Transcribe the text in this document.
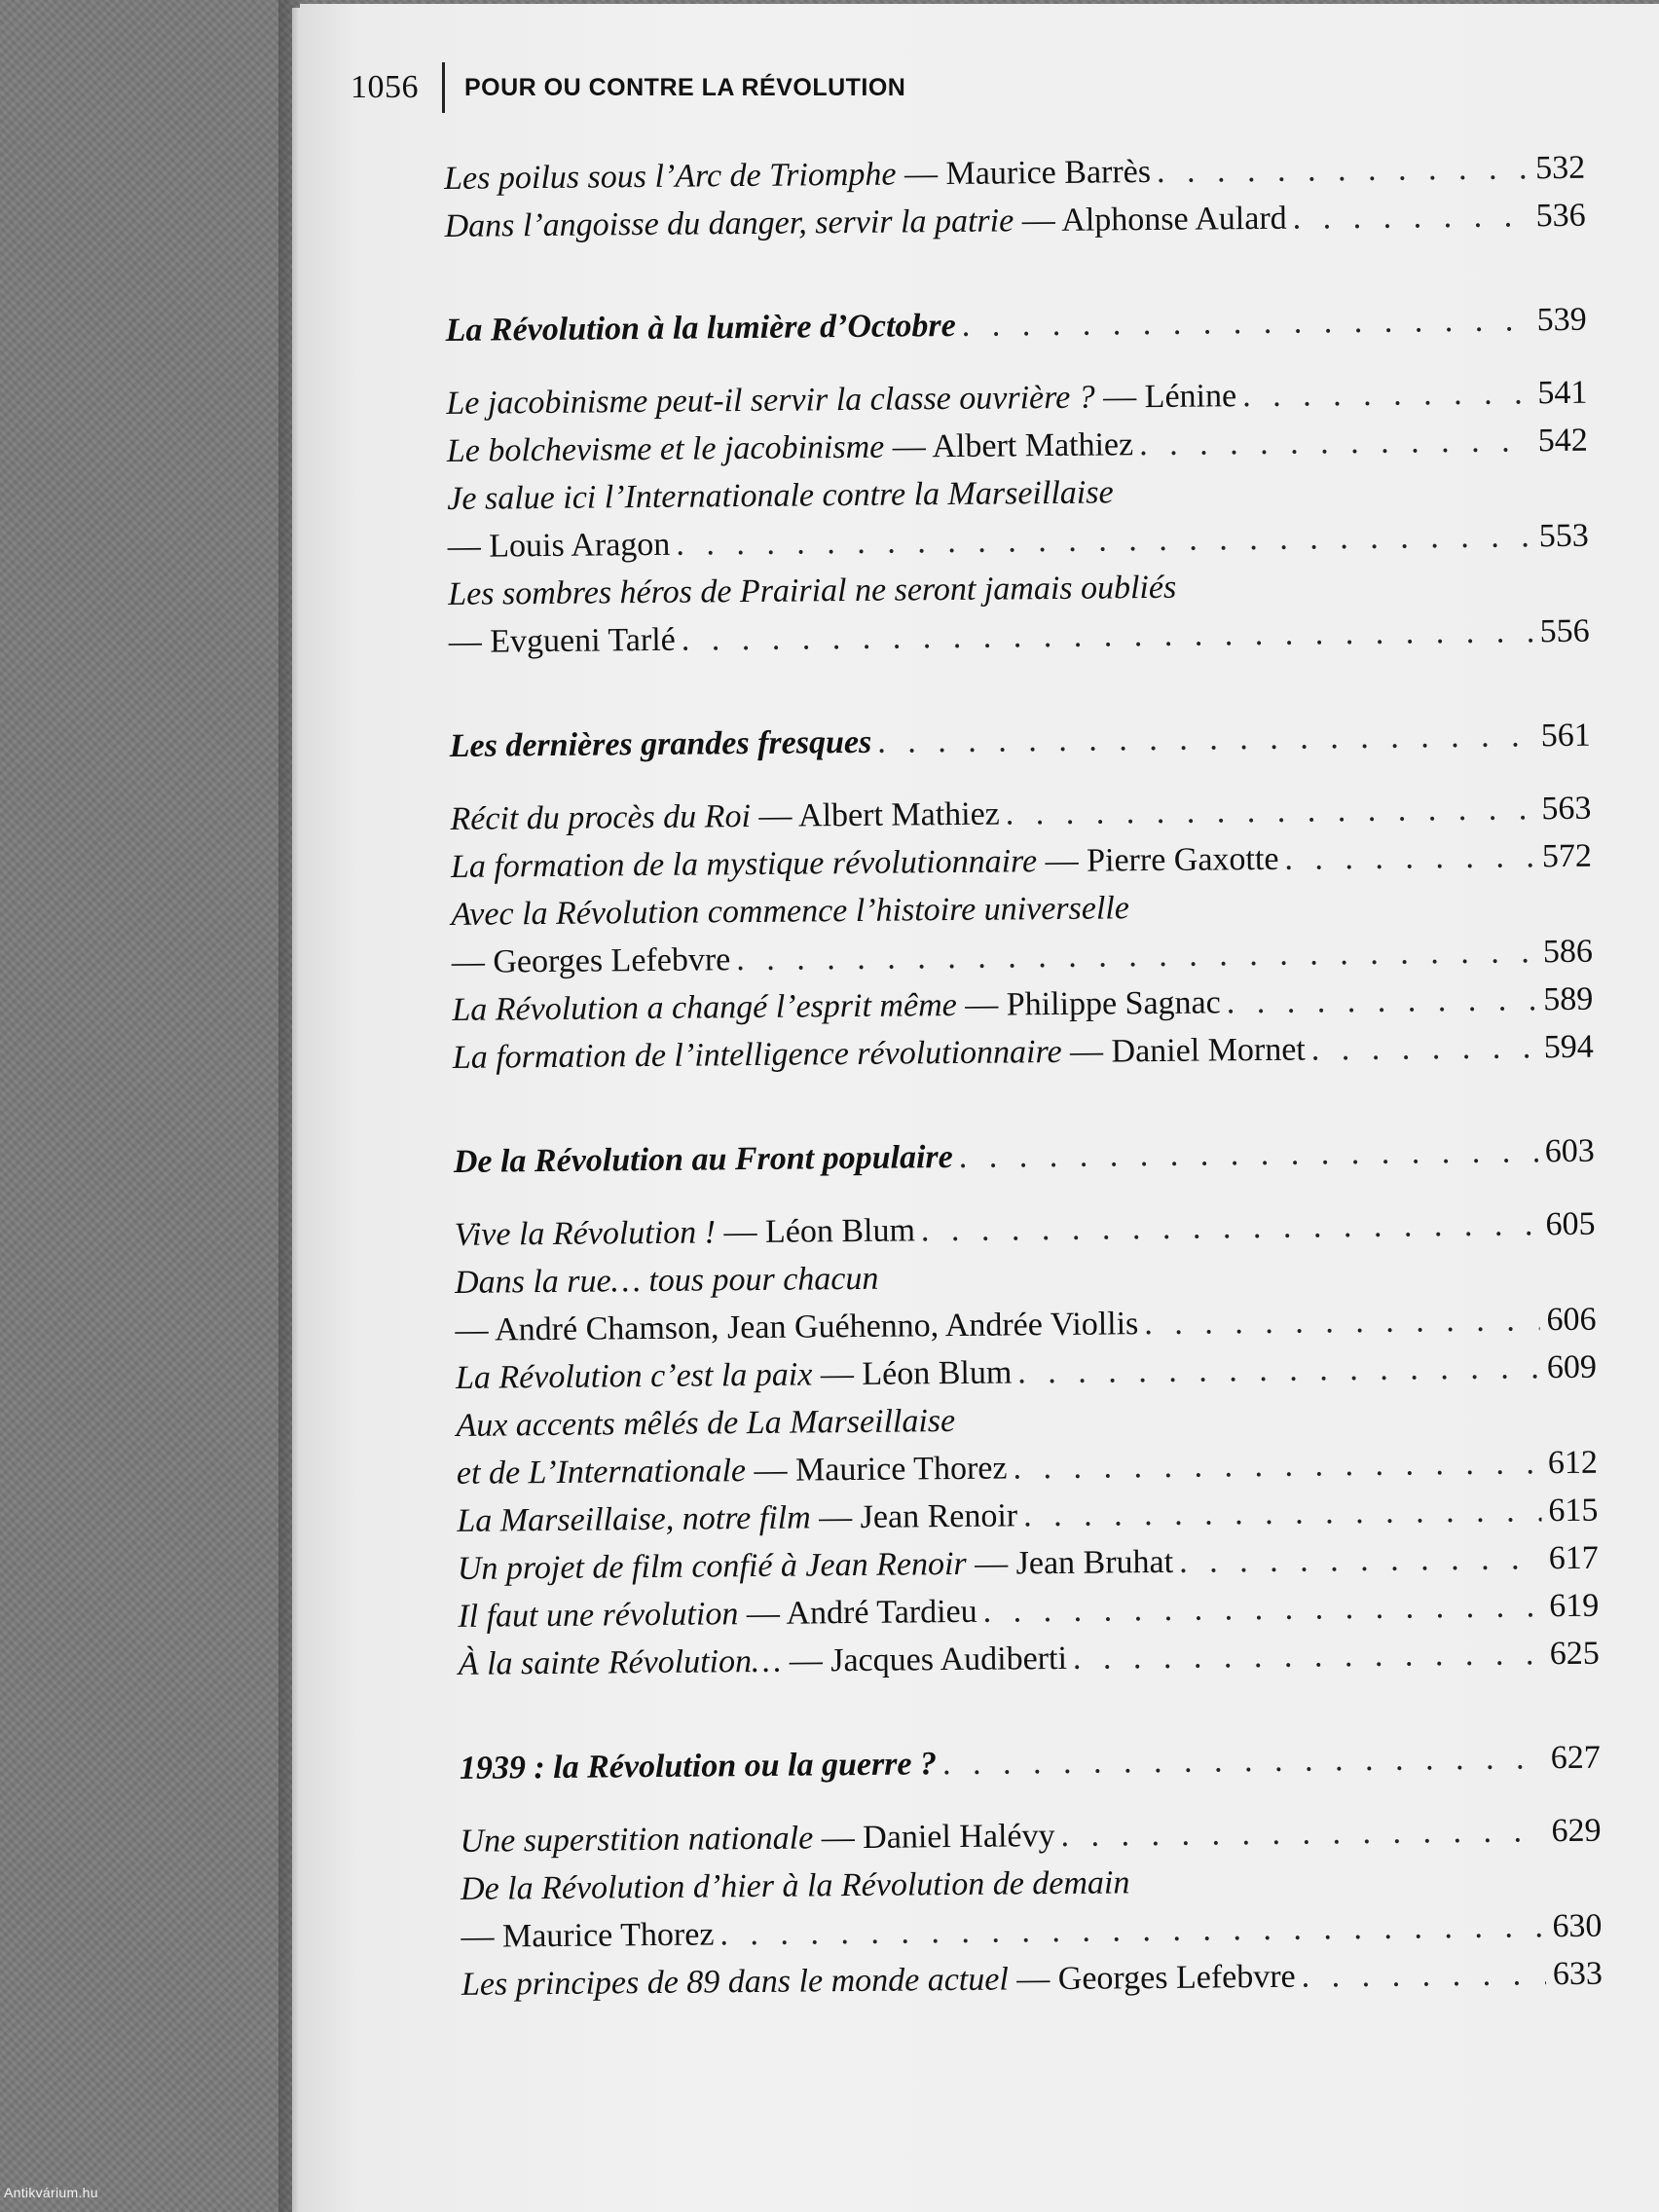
1056 POUR OU CONTRE LA RÉVOLUTION
Les poilus sous l’Arc de Triomphe
— Maurice Barrès . . .	532
Dans l’angoisse du danger, servir la patrie
— Alphonse Aulard . . .	536
La Révolution à la lumière d’Octobre . . .	539
Le jacobinisme peut-il servir la classe ouvrière ?
— Lénine . . .	541
Le bolchevisme et le jacobinisme
— Albert Mathiez . . .	542
Je salue ici l’Internationale contre la Marseillaise
— Louis Aragon . . .	553
Les sombres héros de Prairial ne seront jamais oubliés
— Evgueni Tarlé . . .	556
Les dernières grandes fresques . . .	561
Récit du procès du Roi
— Albert Mathiez . . .	563
La formation de la mystique révolutionnaire
— Pierre Gaxotte . . .	572
Avec la Révolution commence l’histoire universelle
— Georges Lefebvre . . .	586
La Révolution a changé l’esprit même
— Philippe Sagnac . . .	589
La formation de l’intelligence révolutionnaire
— Daniel Mornet . . .	594
De la Révolution au Front populaire . . .	603
Vive la Révolution !
— Léon Blum . . .	605
Dans la rue… tous pour chacun
— André Chamson, Jean Guéhenno, Andrée Viollis . . .	606
La Révolution c’est la paix
— Léon Blum . . .	609
Aux accents mêlés de La Marseillaise
et de L’Internationale
— Maurice Thorez . . .	612
La Marseillaise, notre film
— Jean Renoir . . .	615
Un projet de film confié à Jean Renoir
— Jean Bruhat . . .	617
Il faut une révolution
— André Tardieu . . .	619
À la sainte Révolution…
— Jacques Audiberti . . .	625
1939 : la Révolution ou la guerre ? . . .	627
Une superstition nationale
— Daniel Halévy . . .	629
De la Révolution d’hier à la Révolution de demain
— Maurice Thorez . . .	630
Les principes de 89 dans le monde actuel
— Georges Lefebvre . . .	633
Antikvárium.hu
